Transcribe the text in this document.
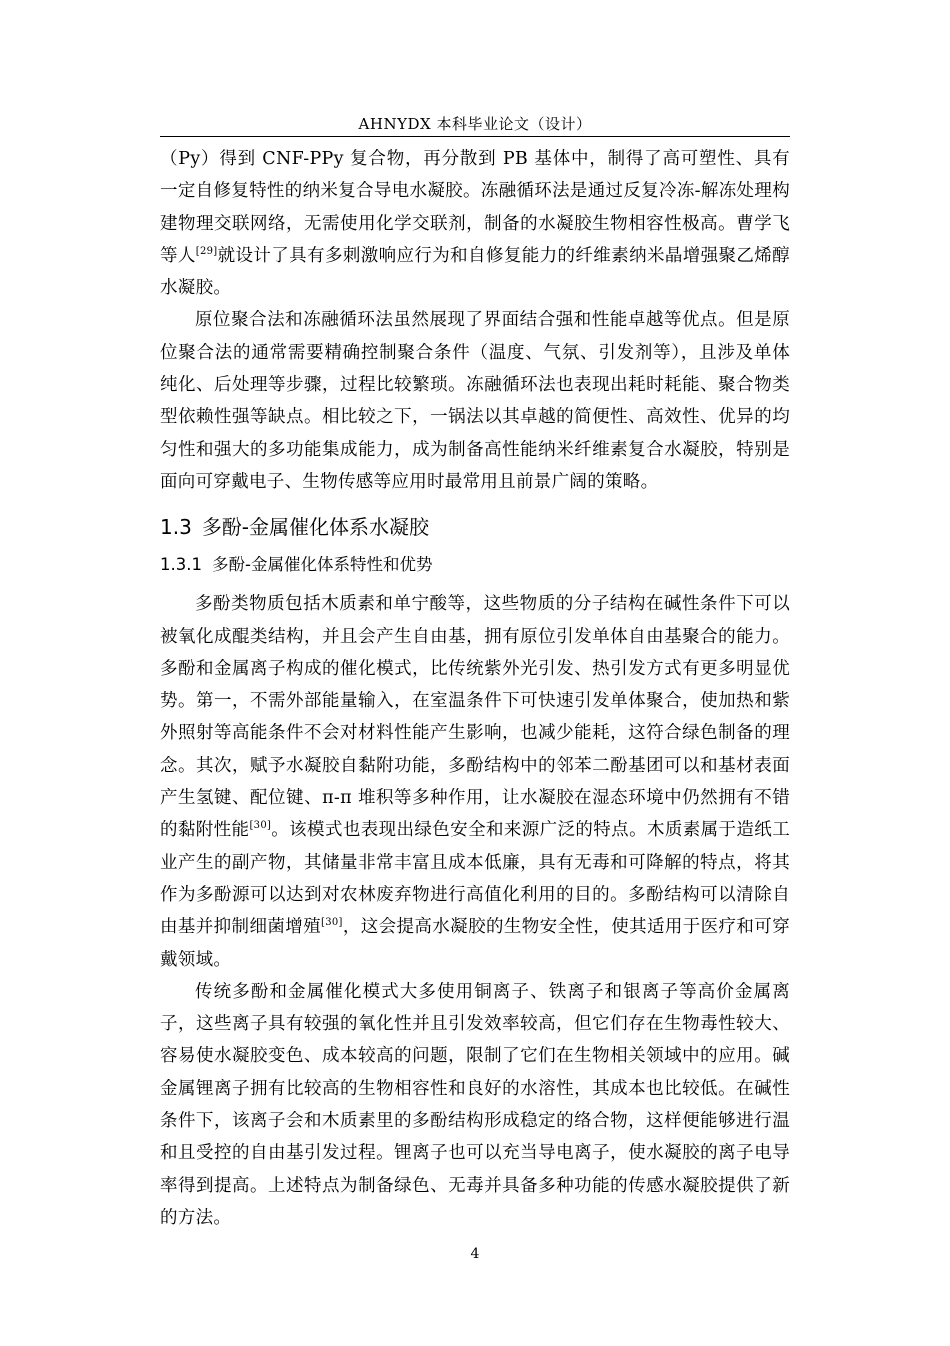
AHNYDX 本科毕业论文（设计）

（Py）得到 CNF-PPy 复合物，再分散到 PB 基体中，制得了高可塑性、具有一定自修复特性的纳米复合导电水凝胶。冻融循环法是通过反复冷冻-解冻处理构建物理交联网络，无需使用化学交联剂，制备的水凝胶生物相容性极高。曹学飞等人[29]就设计了具有多刺激响应行为和自修复能力的纤维素纳米晶增强聚乙烯醇水凝胶。

原位聚合法和冻融循环法虽然展现了界面结合强和性能卓越等优点。但是原位聚合法的通常需要精确控制聚合条件（温度、气氛、引发剂等），且涉及单体纯化、后处理等步骤，过程比较繁琐。冻融循环法也表现出耗时耗能、聚合物类型依赖性强等缺点。相比较之下，一锅法以其卓越的简便性、高效性、优异的均匀性和强大的多功能集成能力，成为制备高性能纳米纤维素复合水凝胶，特别是面向可穿戴电子、生物传感等应用时最常用且前景广阔的策略。

1.3 多酚-金属催化体系水凝胶
1.3.1 多酚-金属催化体系特性和优势

多酚类物质包括木质素和单宁酸等，这些物质的分子结构在碱性条件下可以被氧化成醌类结构，并且会产生自由基，拥有原位引发单体自由基聚合的能力。多酚和金属离子构成的催化模式，比传统紫外光引发、热引发方式有更多明显优势。第一，不需外部能量输入，在室温条件下可快速引发单体聚合，使加热和紫外照射等高能条件不会对材料性能产生影响，也减少能耗，这符合绿色制备的理念。其次，赋予水凝胶自黏附功能，多酚结构中的邻苯二酚基团可以和基材表面产生氢键、配位键、π-π 堆积等多种作用，让水凝胶在湿态环境中仍然拥有不错的黏附性能[30]。该模式也表现出绿色安全和来源广泛的特点。木质素属于造纸工业产生的副产物，其储量非常丰富且成本低廉，具有无毒和可降解的特点，将其作为多酚源可以达到对农林废弃物进行高值化利用的目的。多酚结构可以清除自由基并抑制细菌增殖[30]，这会提高水凝胶的生物安全性，使其适用于医疗和可穿戴领域。

传统多酚和金属催化模式大多使用铜离子、铁离子和银离子等高价金属离子，这些离子具有较强的氧化性并且引发效率较高，但它们存在生物毒性较大、容易使水凝胶变色、成本较高的问题，限制了它们在生物相关领域中的应用。碱金属锂离子拥有比较高的生物相容性和良好的水溶性，其成本也比较低。在碱性条件下，该离子会和木质素里的多酚结构形成稳定的络合物，这样便能够进行温和且受控的自由基引发过程。锂离子也可以充当导电离子，使水凝胶的离子电导率得到提高。上述特点为制备绿色、无毒并具备多种功能的传感水凝胶提供了新的方法。

4
